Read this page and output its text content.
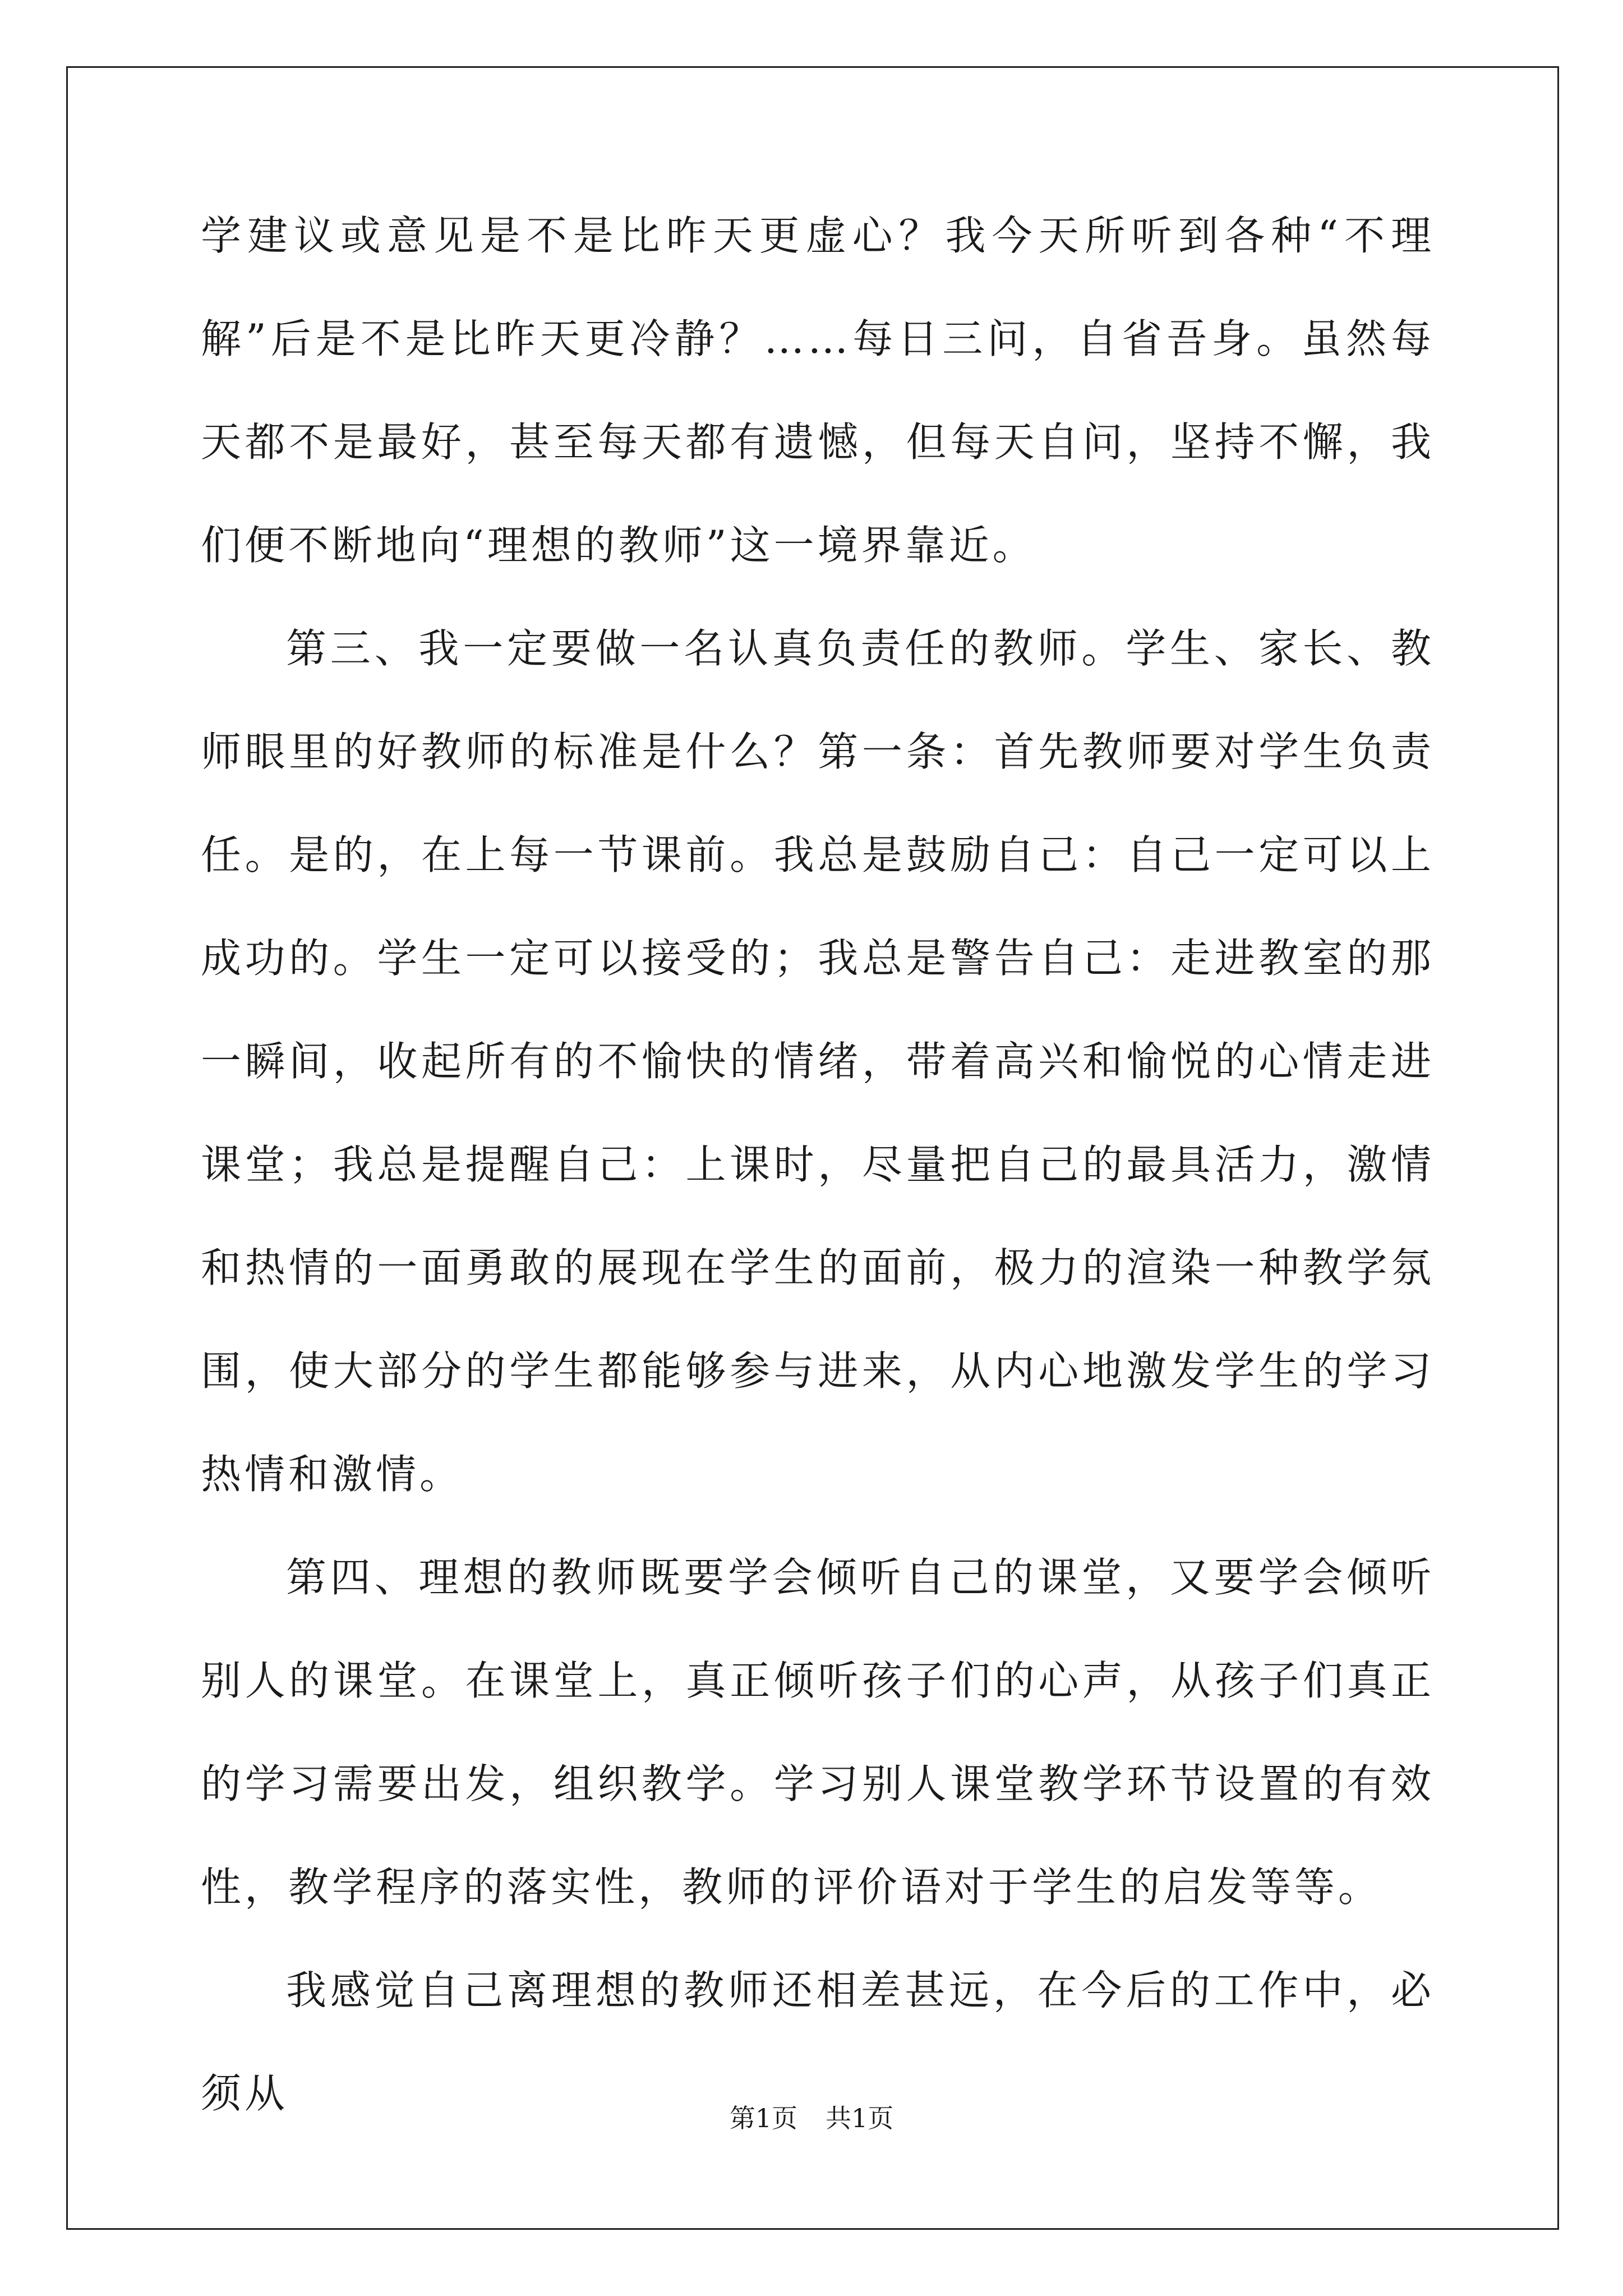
学建议或意见是不是比昨天更虚心？我今天所听到各种“不理解”后是不是比昨天更冷静？……每日三问，自省吾身。虽然每天都不是最好，甚至每天都有遗憾，但每天自问，坚持不懈，我们便不断地向“理想的教师”这一境界靠近。

第三、我一定要做一名认真负责任的教师。学生、家长、教师眼里的好教师的标准是什么？第一条：首先教师要对学生负责任。是的，在上每一节课前。我总是鼓励自己：自己一定可以上成功的。学生一定可以接受的；我总是警告自己：走进教室的那一瞬间，收起所有的不愉快的情绪，带着高兴和愉悦的心情走进课堂；我总是提醒自己：上课时，尽量把自己的最具活力，激情和热情的一面勇敢的展现在学生的面前，极力的渲染一种教学氛围，使大部分的学生都能够参与进来，从内心地激发学生的学习热情和激情。

第四、理想的教师既要学会倾听自己的课堂，又要学会倾听别人的课堂。在课堂上，真正倾听孩子们的心声，从孩子们真正的学习需要出发，组织教学。学习别人课堂教学环节设置的有效性，教学程序的落实性，教师的评价语对于学生的启发等等。

我感觉自己离理想的教师还相差甚远，在今后的工作中，必须从

第1页 共1页
